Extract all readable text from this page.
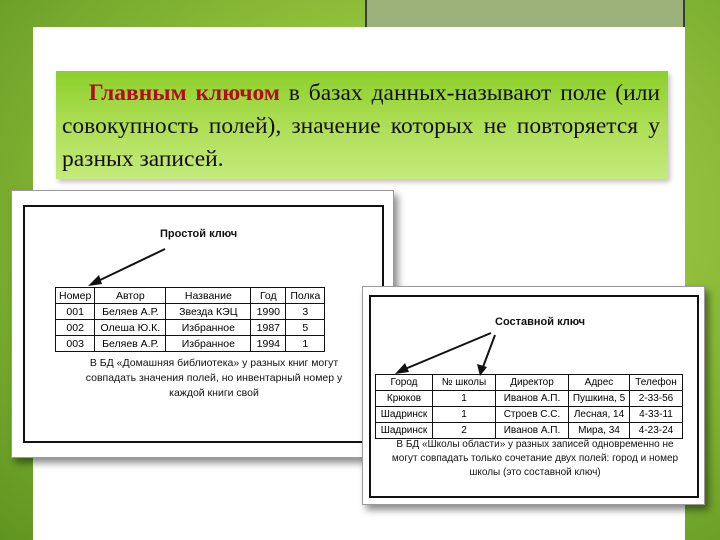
Главным ключом в базах данных-называют поле (или совокупность полей), значение которых не повторяется у разных записей.
Простой ключ
Номер	Автор	Название	Год	Полка
001	Беляев А.Р.	Звезда КЭЦ	1990	3
002	Олеша Ю.К.	Избранное	1987	5
003	Беляев А.Р.	Избранное	1994	1
В БД «Домашняя библиотека» у разных книг могут совпадать значения полей, но инвентарный номер у каждой книги свой
Составной ключ
Город	№ школы	Директор	Адрес	Телефон
Крюков	1	Иванов А.П.	Пушкина, 5	2-33-56
Шадринск	1	Строев С.С.	Лесная, 14	4-33-11
Шадринск	2	Иванов А.П.	Мира, 34	4-23-24
В БД «Школы области» у разных записей одновременно не могут совпадать только сочетание двух полей: город и номер школы (это составной ключ)
